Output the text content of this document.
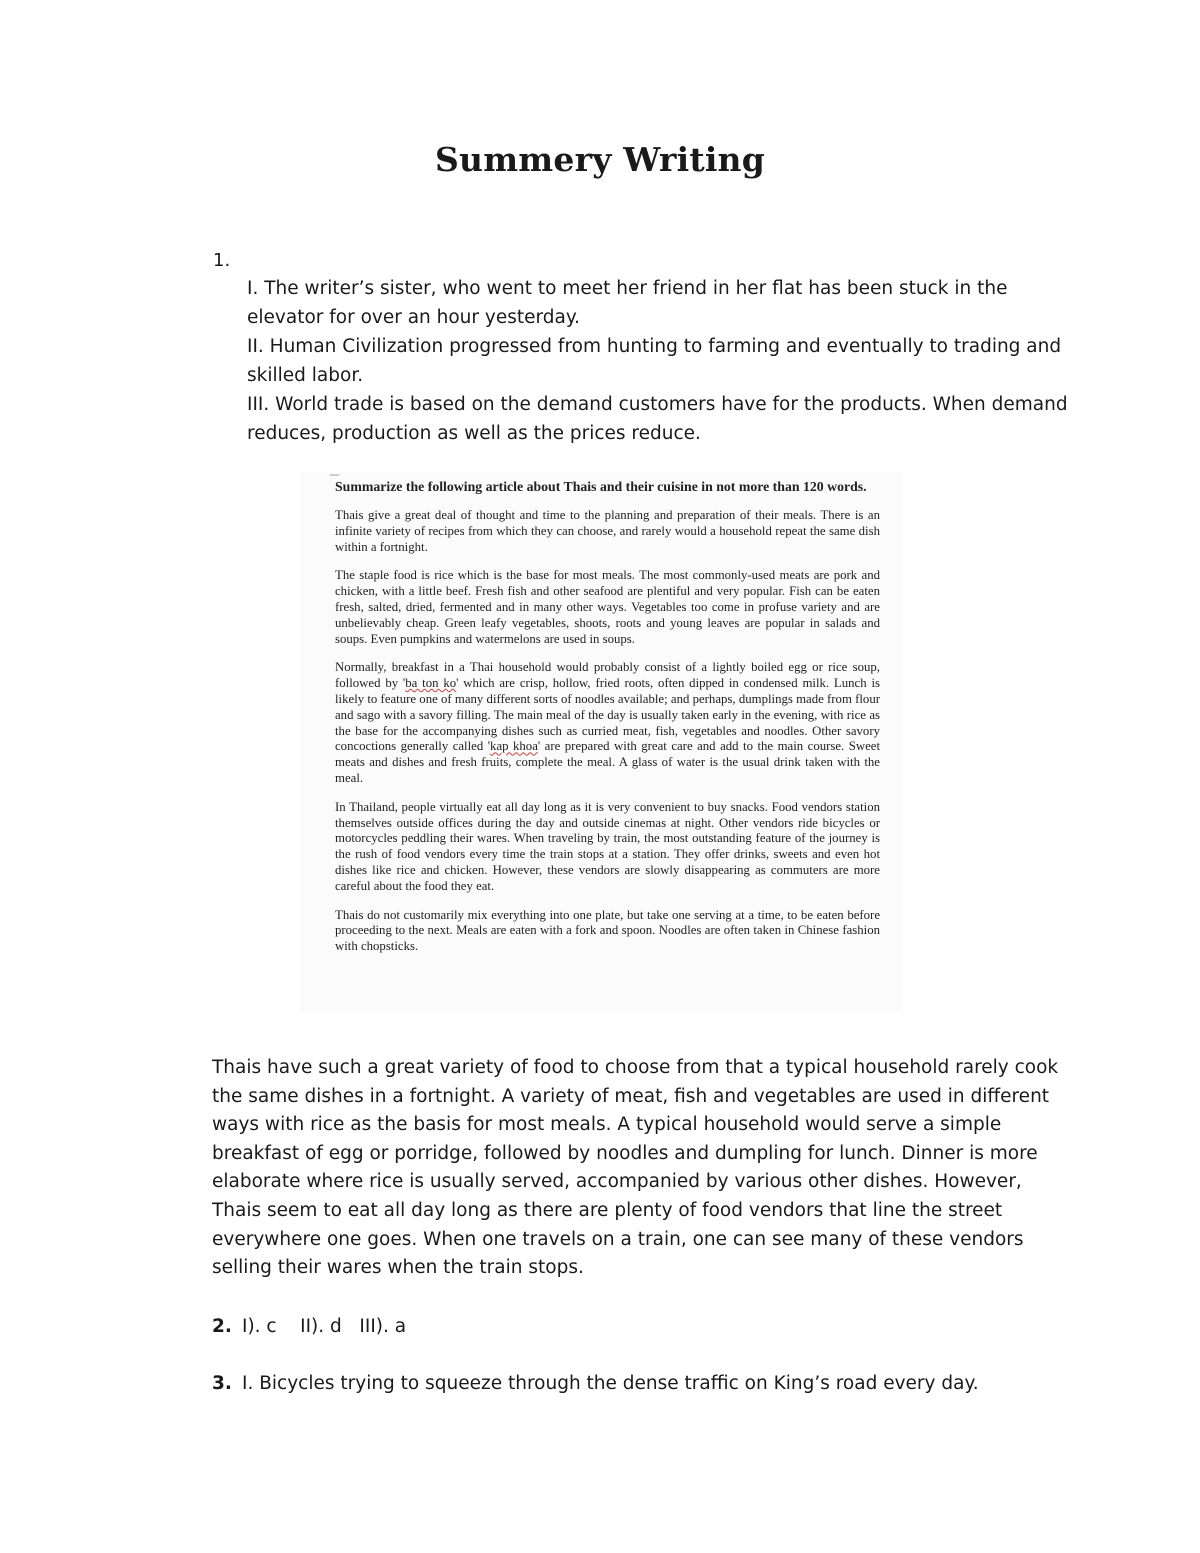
Summery Writing
1.

I. The writer’s sister, who went to meet her friend in her flat has been stuck in the elevator for over an hour yesterday.

II. Human Civilization progressed from hunting to farming and eventually to trading and skilled labor.

III. World trade is based on the demand customers have for the products. When demand reduces, production as well as the prices reduce.

▔▔

Summarize the following article about Thais and their cuisine in not more than 120 words.

Thais give a great deal of thought and time to the planning and preparation of their meals. There is an infinite variety of recipes from which they can choose, and rarely would a household repeat the same dish within a fortnight.

The staple food is rice which is the base for most meals. The most commonly-used meats are pork and chicken, with a little beef. Fresh fish and other seafood are plentiful and very popular. Fish can be eaten fresh, salted, dried, fermented and in many other ways. Vegetables too come in profuse variety and are unbelievably cheap. Green leafy vegetables, shoots, roots and young leaves are popular in salads and soups. Even pumpkins and watermelons are used in soups.

Normally, breakfast in a Thai household would probably consist of a lightly boiled egg or rice soup, followed by 'ba ton ko' which are crisp, hollow, fried roots, often dipped in condensed milk. Lunch is likely to feature one of many different sorts of noodles available; and perhaps, dumplings made from flour and sago with a savory filling. The main meal of the day is usually taken early in the evening, with rice as the base for the accompanying dishes such as curried meat, fish, vegetables and noodles. Other savory concoctions generally called 'kap khoa' are prepared with great care and add to the main course. Sweet meats and dishes and fresh fruits, complete the meal. A glass of water is the usual drink taken with the meal.

In Thailand, people virtually eat all day long as it is very convenient to buy snacks. Food vendors station themselves outside offices during the day and outside cinemas at night. Other vendors ride bicycles or motorcycles peddling their wares. When traveling by train, the most outstanding feature of the journey is the rush of food vendors every time the train stops at a station. They offer drinks, sweets and even hot dishes like rice and chicken. However, these vendors are slowly disappearing as commuters are more careful about the food they eat.

Thais do not customarily mix everything into one plate, but take one serving at a time, to be eaten before proceeding to the next. Meals are eaten with a fork and spoon. Noodles are often taken in Chinese fashion with chopsticks.

Thais have such a great variety of food to choose from that a typical household rarely cook the same dishes in a fortnight. A variety of meat, fish and vegetables are used in different ways with rice as the basis for most meals. A typical household would serve a simple breakfast of egg or porridge, followed by noodles and dumpling for lunch. Dinner is more elaborate where rice is usually served, accompanied by various other dishes. However, Thais seem to eat all day long as there are plenty of food vendors that line the street everywhere one goes. When one travels on a train, one can see many of these vendors selling their wares when the train stops.

2. I). c    II). d   III). a
3. I. Bicycles trying to squeeze through the dense traffic on King’s road every day.
